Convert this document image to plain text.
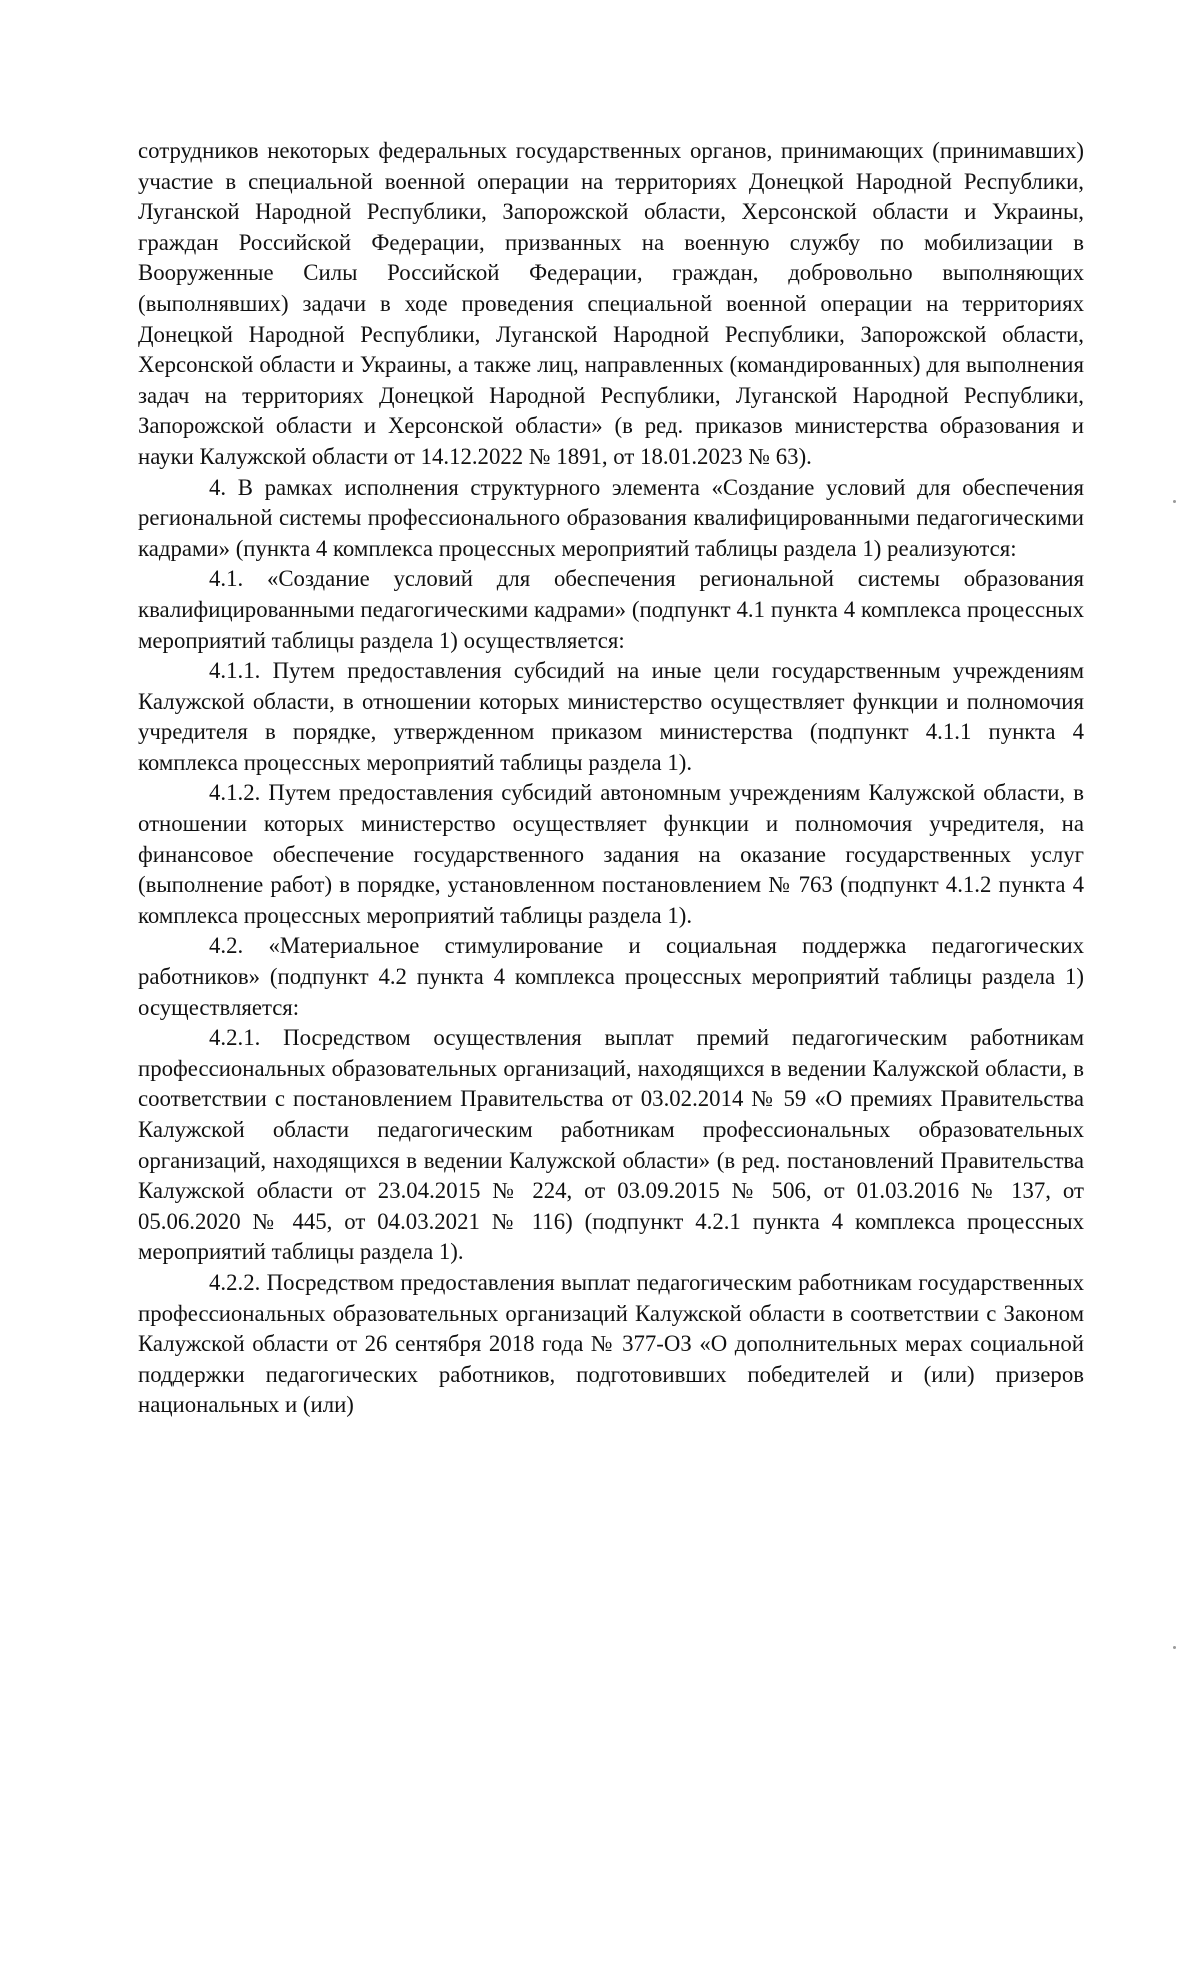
сотрудников некоторых федеральных государственных органов, принимающих (принимавших) участие в специальной военной операции на территориях Донецкой Народной Республики, Луганской Народной Республики, Запорожской области, Херсонской области и Украины, граждан Российской Федерации, призванных на военную службу по мобилизации в Вооруженные Силы Российской Федерации, граждан, добровольно выполняющих (выполнявших) задачи в ходе проведения специальной военной операции на территориях Донецкой Народной Республики, Луганской Народной Республики, Запорожской области, Херсонской области и Украины, а также лиц, направленных (командированных) для выполнения задач на территориях Донецкой Народной Республики, Луганской Народной Республики, Запорожской области и Херсонской области» (в ред. приказов министерства образования и науки Калужской области от 14.12.2022 № 1891, от 18.01.2023 № 63).

4. В рамках исполнения структурного элемента «Создание условий для обеспечения региональной системы профессионального образования квалифицированными педагогическими кадрами» (пункта 4 комплекса процессных мероприятий таблицы раздела 1) реализуются:

4.1. «Создание условий для обеспечения региональной системы образования квалифицированными педагогическими кадрами» (подпункт 4.1 пункта 4 комплекса процессных мероприятий таблицы раздела 1) осуществляется:

4.1.1. Путем предоставления субсидий на иные цели государственным учреждениям Калужской области, в отношении которых министерство осуществляет функции и полномочия учредителя в порядке, утвержденном приказом министерства (подпункт 4.1.1 пункта 4 комплекса процессных мероприятий таблицы раздела 1).

4.1.2. Путем предоставления субсидий автономным учреждениям Калужской области, в отношении которых министерство осуществляет функции и полномочия учредителя, на финансовое обеспечение государственного задания на оказание государственных услуг (выполнение работ) в порядке, установленном постановлением № 763 (подпункт 4.1.2 пункта 4 комплекса процессных мероприятий таблицы раздела 1).

4.2. «Материальное стимулирование и социальная поддержка педагогических работников» (подпункт 4.2 пункта 4 комплекса процессных мероприятий таблицы раздела 1) осуществляется:

4.2.1. Посредством осуществления выплат премий педагогическим работникам профессиональных образовательных организаций, находящихся в ведении Калужской области, в соответствии с постановлением Правительства от 03.02.2014 № 59 «О премиях Правительства Калужской области педагогическим работникам профессиональных образовательных организаций, находящихся в ведении Калужской области» (в ред. постановлений Правительства Калужской области от 23.04.2015 № 224, от 03.09.2015 № 506, от 01.03.2016 № 137, от 05.06.2020 № 445, от 04.03.2021 № 116) (подпункт 4.2.1 пункта 4 комплекса процессных мероприятий таблицы раздела 1).

4.2.2. Посредством предоставления выплат педагогическим работникам государственных профессиональных образовательных организаций Калужской области в соответствии с Законом Калужской области от 26 сентября 2018 года № 377-ОЗ «О дополнительных мерах социальной поддержки педагогических работников, подготовивших победителей и (или) призеров национальных и (или)
